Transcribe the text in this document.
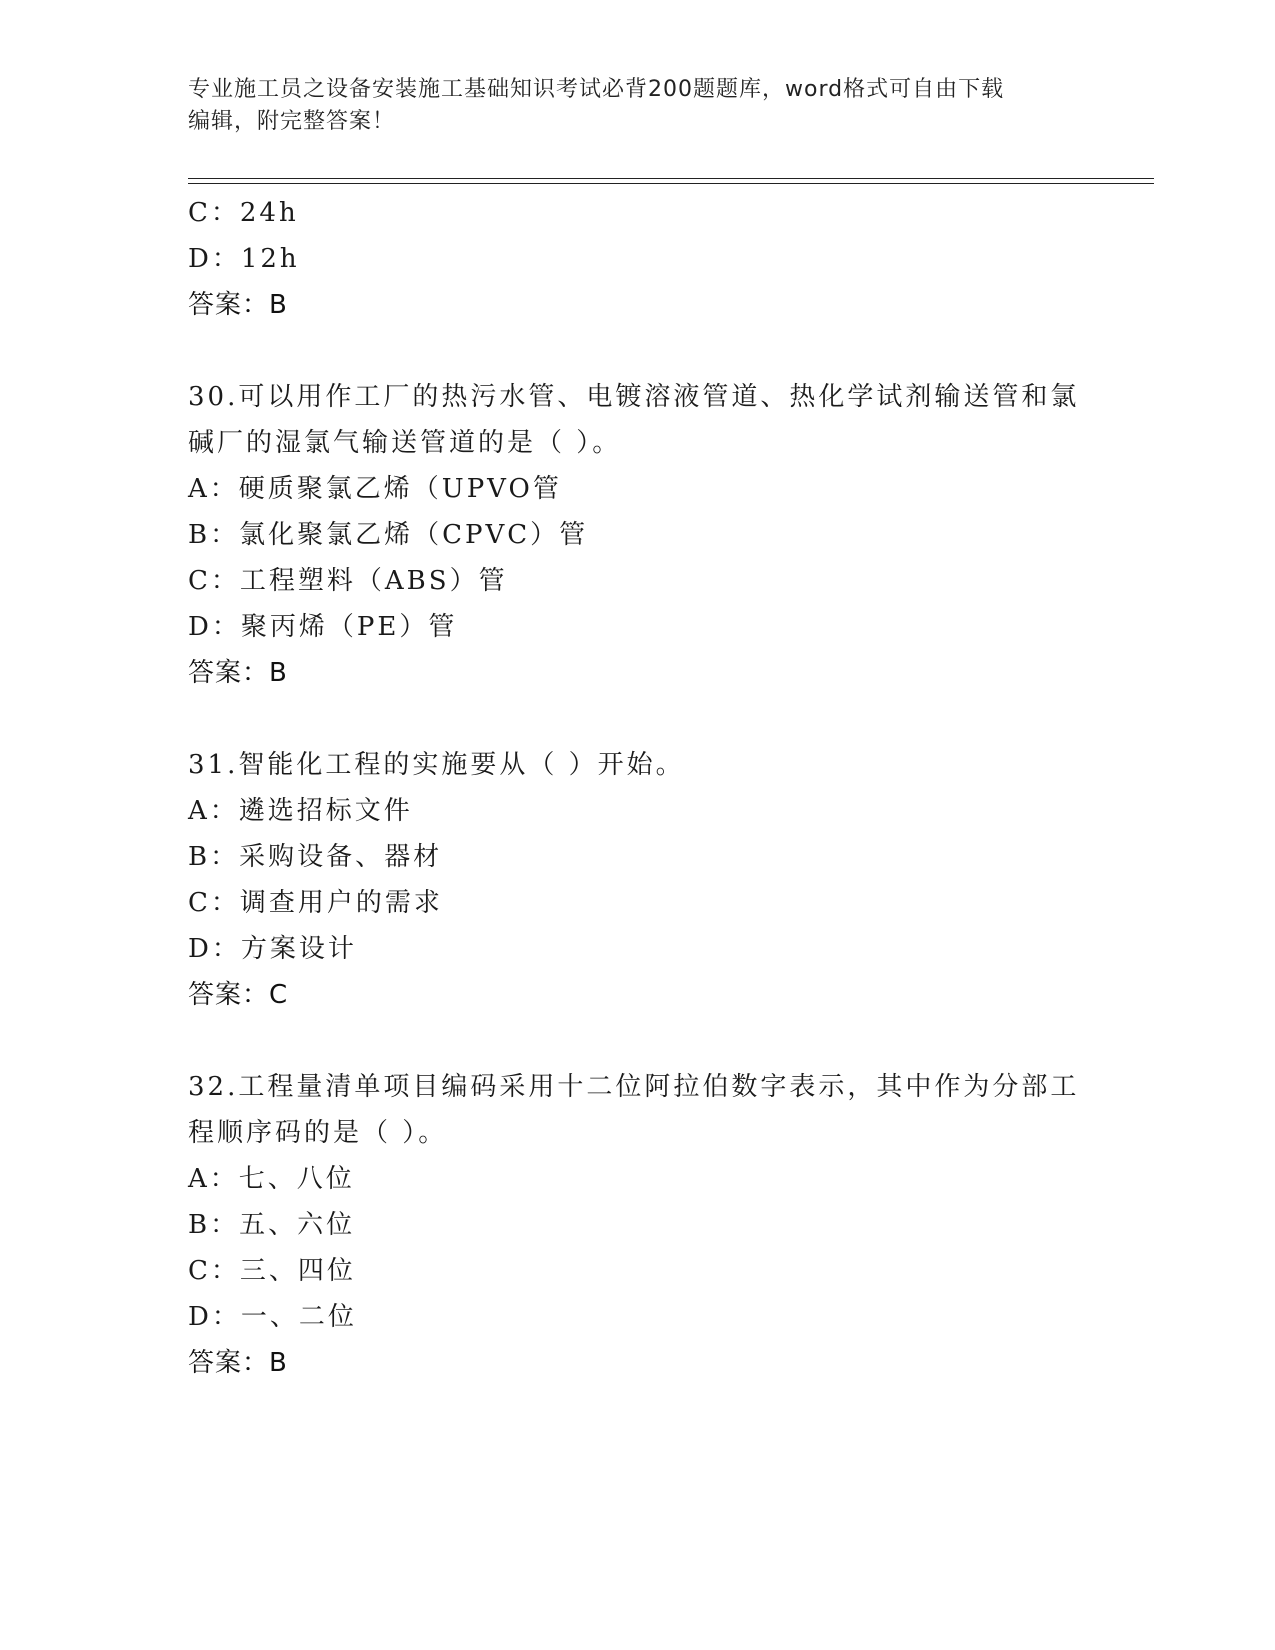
专业施工员之设备安装施工基础知识考试必背200题题库，word格式可自由下载
编辑，附完整答案！
C：24h
D：12h
答案：B
30.可以用作工厂的热污水管、电镀溶液管道、热化学试剂输送管和氯
碱厂的湿氯气输送管道的是（ ）。
A：硬质聚氯乙烯（UPVO管
B：氯化聚氯乙烯（CPVC）管
C：工程塑料（ABS）管
D：聚丙烯（PE）管
答案：B
31.智能化工程的实施要从（ ）开始。
A：遴选招标文件
B：采购设备、器材
C：调查用户的需求
D：方案设计
答案：C
32.工程量清单项目编码采用十二位阿拉伯数字表示，其中作为分部工
程顺序码的是（ ）。
A：七、八位
B：五、六位
C：三、四位
D：一、二位
答案：B
